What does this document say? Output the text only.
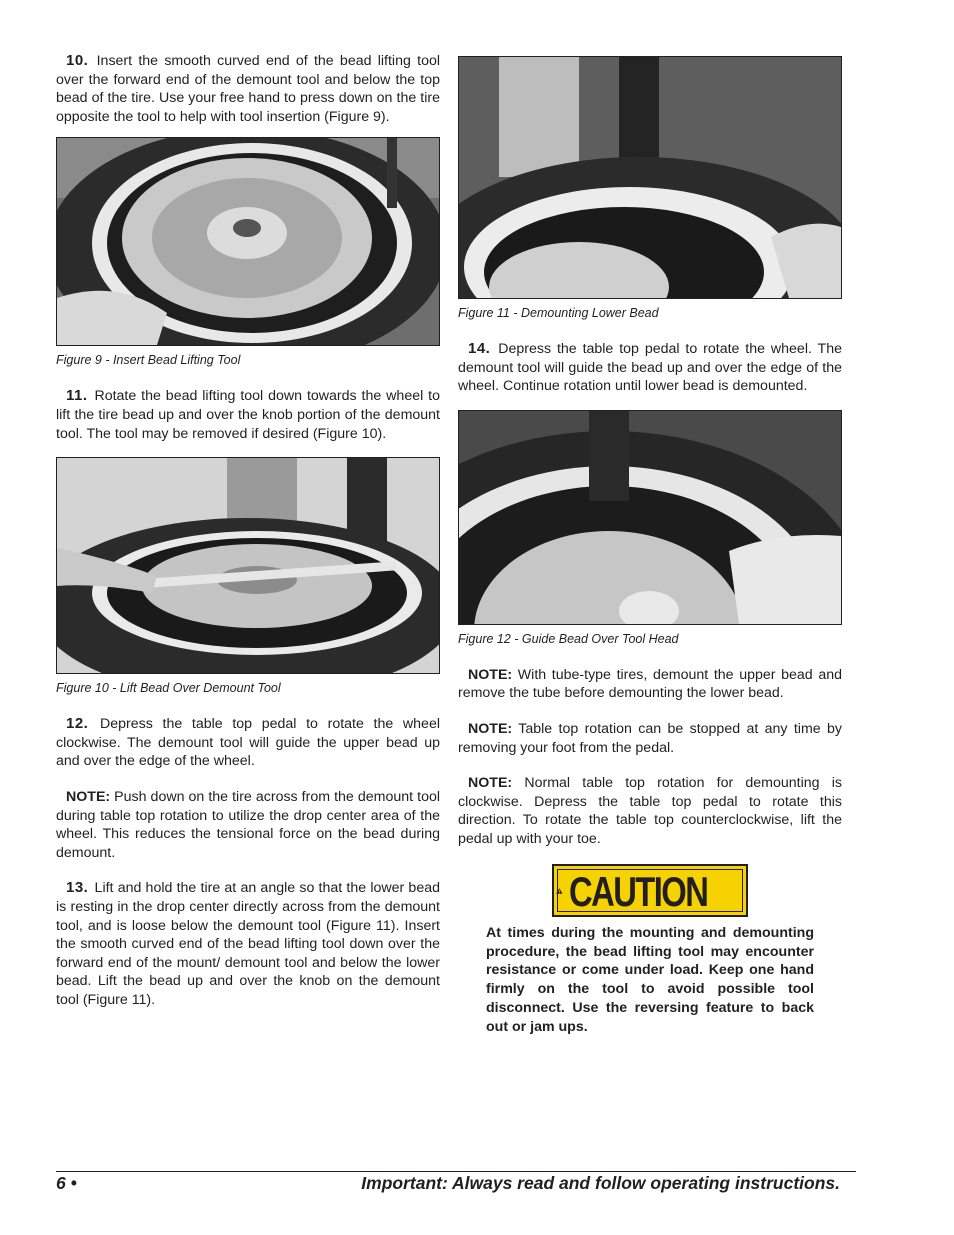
10. Insert the smooth curved end of the bead lifting tool over the forward end of the demount tool and below the top bead of the tire. Use your free hand to press down on the tire opposite the tool to help with tool insertion (Figure 9).

Figure 9 - Insert Bead Lifting Tool

11. Rotate the bead lifting tool down towards the wheel to lift the tire bead up and over the knob portion of the demount tool. The tool may be removed if desired (Figure 10).

Figure 10 - Lift Bead Over Demount Tool

12. Depress the table top pedal to rotate the wheel clockwise. The demount tool will guide the upper bead up and over the edge of the wheel.

NOTE: Push down on the tire across from the demount tool during table top rotation to utilize the drop center area of the wheel. This reduces the tensional force on the bead during demount.

13. Lift and hold the tire at an angle so that the lower bead is resting in the drop center directly across from the demount tool, and is loose below the demount tool (Figure 11). Insert the smooth curved end of the bead lifting tool down over the forward end of the mount/ demount tool and below the lower bead. Lift the bead up and over the knob on the demount tool (Figure 11).

Figure 11 - Demounting Lower Bead

14. Depress the table top pedal to rotate the wheel. The demount tool will guide the bead up and over the edge of the wheel. Continue rotation until lower bead is demounted.

Figure 12 - Guide Bead Over Tool Head

NOTE: With tube-type tires, demount the upper bead and remove the tube before demounting the lower bead.

NOTE: Table top rotation can be stopped at any time by removing your foot from the pedal.

NOTE: Normal table top rotation for demounting is clockwise. Depress the table top pedal to rotate this direction. To rotate the table top counterclockwise, lift the pedal up with your toe.

CAUTION
At times during the mounting and demounting procedure, the bead lifting tool may encounter resistance or come under load. Keep one hand firmly on the tool to avoid possible tool disconnect. Use the reversing feature to back out or jam ups.
6 •	Important: Always read and follow operating instructions.
